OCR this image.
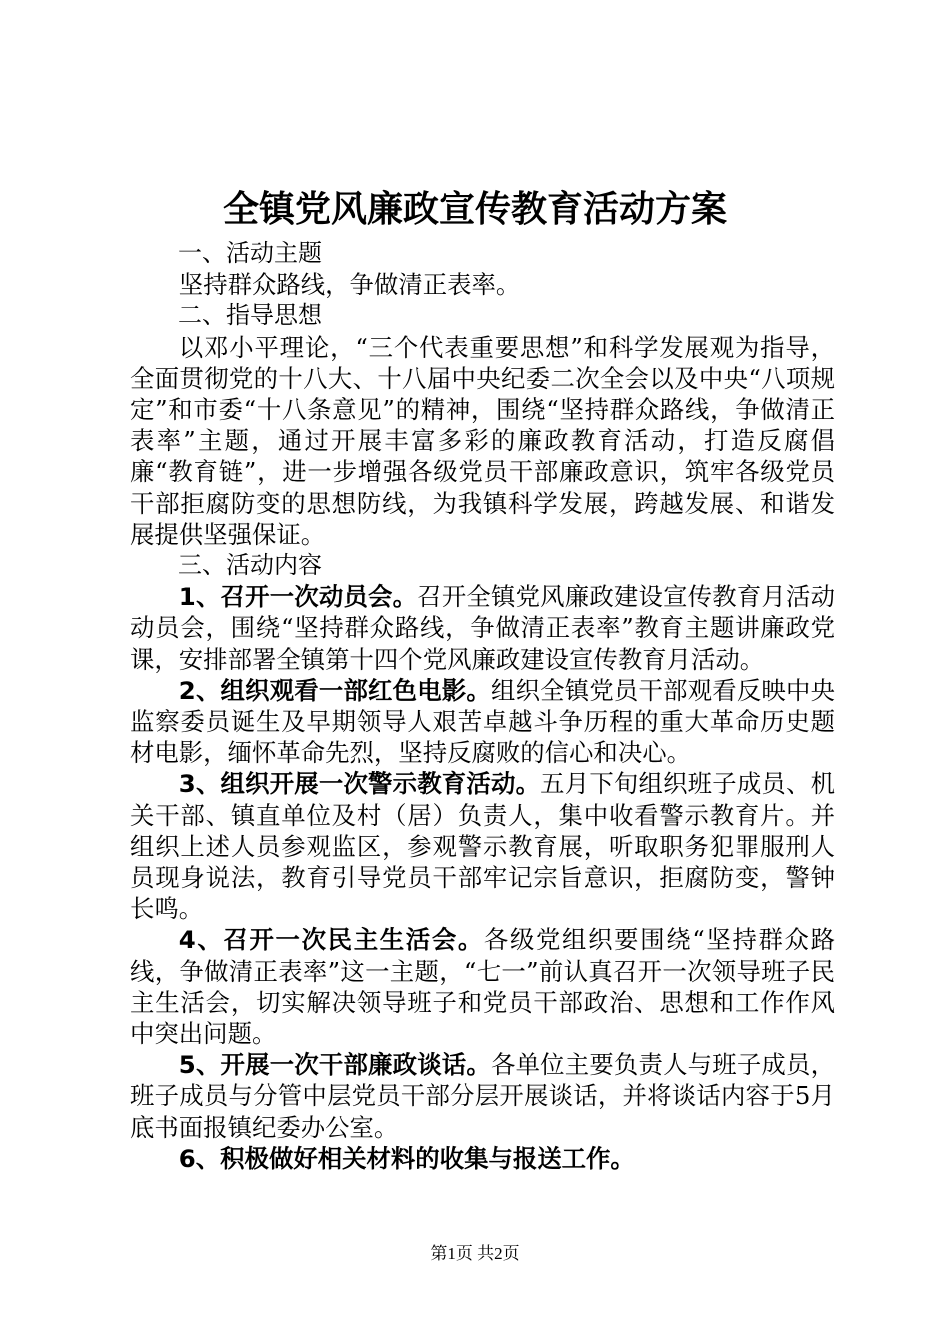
全镇党风廉政宣传教育活动方案

一、活动主题

坚持群众路线，争做清正表率。

二、指导思想

以邓小平理论，“三个代表重要思想”和科学发展观为指导，全面贯彻党的十八大、十八届中央纪委二次全会以及中央“八项规定”和市委“十八条意见”的精神，围绕“坚持群众路线，争做清正表率”主题，通过开展丰富多彩的廉政教育活动，打造反腐倡廉“教育链”，进一步增强各级党员干部廉政意识，筑牢各级党员干部拒腐防变的思想防线，为我镇科学发展，跨越发展、和谐发展提供坚强保证。

三、活动内容

1、召开一次动员会。召开全镇党风廉政建设宣传教育月活动动员会，围绕“坚持群众路线，争做清正表率”教育主题讲廉政党课，安排部署全镇第十四个党风廉政建设宣传教育月活动。

2、组织观看一部红色电影。组织全镇党员干部观看反映中央监察委员诞生及早期领导人艰苦卓越斗争历程的重大革命历史题材电影，缅怀革命先烈，坚持反腐败的信心和决心。

3、组织开展一次警示教育活动。五月下旬组织班子成员、机关干部、镇直单位及村（居）负责人，集中收看警示教育片。并组织上述人员参观监区，参观警示教育展，听取职务犯罪服刑人员现身说法，教育引导党员干部牢记宗旨意识，拒腐防变，警钟长鸣。

4、召开一次民主生活会。各级党组织要围绕“坚持群众路线，争做清正表率”这一主题，“七一”前认真召开一次领导班子民主生活会，切实解决领导班子和党员干部政治、思想和工作作风中突出问题。

5、开展一次干部廉政谈话。各单位主要负责人与班子成员，班子成员与分管中层党员干部分层开展谈话，并将谈话内容于5月底书面报镇纪委办公室。

6、积极做好相关材料的收集与报送工作。

第1页 共2页
